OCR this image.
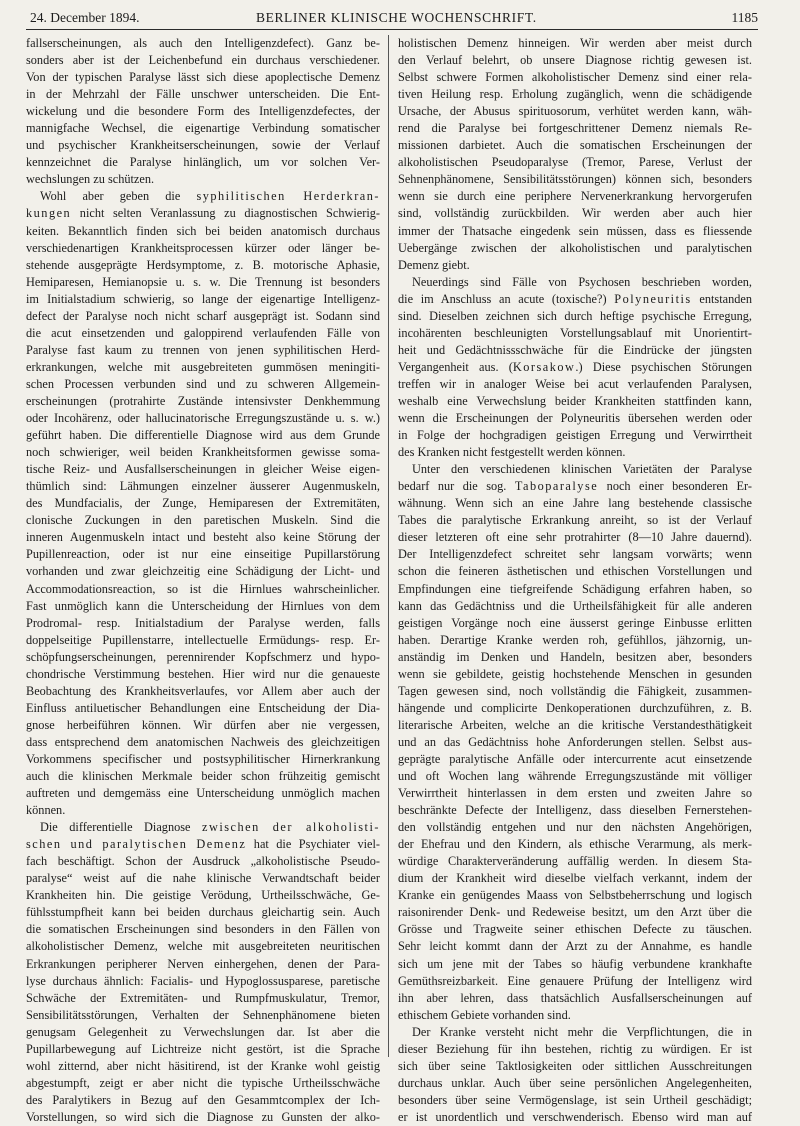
24. December 1894.	BERLINER KLINISCHE WOCHENSCHRIFT.	1185

fallserscheinungen, als auch den Intelligenzdefect). Ganz be-

sonders aber ist der Leichenbefund ein durchaus verschiedener.

Von der typischen Paralyse lässt sich diese apoplectische Demenz

in der Mehrzahl der Fälle unschwer unterscheiden. Die Ent-

wickelung und die besondere Form des Intelligenzdefectes, der

mannigfache Wechsel, die eigenartige Verbindung somatischer

und psychischer Krankheitserscheinungen, sowie der Verlauf

kennzeichnet die Paralyse hinlänglich, um vor solchen Ver-

wechslungen zu schützen.

Wohl aber geben die syphilitischen Herderkran-

kungen nicht selten Veranlassung zu diagnostischen Schwierig-

keiten. Bekanntlich finden sich bei beiden anatomisch durchaus

verschiedenartigen Krankheitsprocessen kürzer oder länger be-

stehende ausgeprägte Herdsymptome, z. B. motorische Aphasie,

Hemiparesen, Hemianopsie u. s. w. Die Trennung ist besonders

im Initialstadium schwierig, so lange der eigenartige Intelligenz-

defect der Paralyse noch nicht scharf ausgeprägt ist. Sodann sind

die acut einsetzenden und galoppirend verlaufenden Fälle von

Paralyse fast kaum zu trennen von jenen syphilitischen Herd-

erkrankungen, welche mit ausgebreiteten gummösen meningiti-

schen Processen verbunden sind und zu schweren Allgemein-

erscheinungen (protrahirte Zustände intensivster Denkhemmung

oder Incohärenz, oder hallucinatorische Erregungszustände u. s. w.)

geführt haben. Die differentielle Diagnose wird aus dem Grunde

noch schwieriger, weil beiden Krankheitsformen gewisse soma-

tische Reiz- und Ausfallserscheinungen in gleicher Weise eigen-

thümlich sind: Lähmungen einzelner äusserer Augenmuskeln,

des Mundfacialis, der Zunge, Hemiparesen der Extremitäten,

clonische Zuckungen in den paretischen Muskeln. Sind die

inneren Augenmuskeln intact und besteht also keine Störung der

Pupillenreaction, oder ist nur eine einseitige Pupillarstörung

vorhanden und zwar gleichzeitig eine Schädigung der Licht- und

Accommodationsreaction, so ist die Hirnlues wahrscheinlicher.

Fast unmöglich kann die Unterscheidung der Hirnlues von dem

Prodromal- resp. Initialstadium der Paralyse werden, falls

doppelseitige Pupillenstarre, intellectuelle Ermüdungs- resp. Er-

schöpfungserscheinungen, perennirender Kopfschmerz und hypo-

chondrische Verstimmung bestehen. Hier wird nur die genaueste

Beobachtung des Krankheitsverlaufes, vor Allem aber auch der

Einfluss antiluetischer Behandlungen eine Entscheidung der Dia-

gnose herbeiführen können. Wir dürfen aber nie vergessen,

dass entsprechend dem anatomischen Nachweis des gleichzeitigen

Vorkommens specifischer und postsyphilitischer Hirnerkrankung

auch die klinischen Merkmale beider schon frühzeitig gemischt

auftreten und demgemäss eine Unterscheidung unmöglich machen

können.

Die differentielle Diagnose zwischen der alkoholisti-

schen und paralytischen Demenz hat die Psychiater viel-

fach beschäftigt. Schon der Ausdruck „alkoholistische Pseudo-

paralyse“ weist auf die nahe klinische Verwandtschaft beider

Krankheiten hin. Die geistige Verödung, Urtheilsschwäche, Ge-

fühlsstumpfheit kann bei beiden durchaus gleichartig sein. Auch

die somatischen Erscheinungen sind besonders in den Fällen von

alkoholistischer Demenz, welche mit ausgebreiteten neuritischen

Erkrankungen peripherer Nerven einhergehen, denen der Para-

lyse durchaus ähnlich: Facialis- und Hypoglossusparese, paretische

Schwäche der Extremitäten- und Rumpfmuskulatur, Tremor,

Sensibilitätsstörungen, Verhalten der Sehnenphänomene bieten

genugsam Gelegenheit zu Verwechslungen dar. Ist aber die

Pupillarbewegung auf Lichtreize nicht gestört, ist die Sprache

wohl zitternd, aber nicht häsitirend, ist der Kranke wohl geistig

abgestumpft, zeigt er aber nicht die typische Urtheilsschwäche

des Paralytikers in Bezug auf den Gesammtcomplex der Ich-

Vorstellungen, so wird sich die Diagnose zu Gunsten der alko-

holistischen Demenz hinneigen. Wir werden aber meist durch

den Verlauf belehrt, ob unsere Diagnose richtig gewesen ist.

Selbst schwere Formen alkoholistischer Demenz sind einer rela-

tiven Heilung resp. Erholung zugänglich, wenn die schädigende

Ursache, der Abusus spirituosorum, verhütet werden kann, wäh-

rend die Paralyse bei fortgeschrittener Demenz niemals Re-

missionen darbietet. Auch die somatischen Erscheinungen der

alkoholistischen Pseudoparalyse (Tremor, Parese, Verlust der

Sehnenphänomene, Sensibilitätsstörungen) können sich, besonders

wenn sie durch eine periphere Nervenerkrankung hervorgerufen

sind, vollständig zurückbilden. Wir werden aber auch hier

immer der Thatsache eingedenk sein müssen, dass es fliessende

Uebergänge zwischen der alkoholistischen und paralytischen

Demenz giebt.

Neuerdings sind Fälle von Psychosen beschrieben worden,

die im Anschluss an acute (toxische?) Polyneuritis entstanden

sind. Dieselben zeichnen sich durch heftige psychische Erregung,

incohärenten beschleunigten Vorstellungsablauf mit Unorientirt-

heit und Gedächtnissschwäche für die Eindrücke der jüngsten

Vergangenheit aus. (Korsakow.) Diese psychischen Störungen

treffen wir in analoger Weise bei acut verlaufenden Paralysen,

weshalb eine Verwechslung beider Krankheiten stattfinden kann,

wenn die Erscheinungen der Polyneuritis übersehen werden oder

in Folge der hochgradigen geistigen Erregung und Verwirrtheit

des Kranken nicht festgestellt werden können.

Unter den verschiedenen klinischen Varietäten der Paralyse

bedarf nur die sog. Taboparalyse noch einer besonderen Er-

wähnung. Wenn sich an eine Jahre lang bestehende classische

Tabes die paralytische Erkrankung anreiht, so ist der Verlauf

dieser letzteren oft eine sehr protrahirter (8—10 Jahre dauernd).

Der Intelligenzdefect schreitet sehr langsam vorwärts; wenn

schon die feineren ästhetischen und ethischen Vorstellungen und

Empfindungen eine tiefgreifende Schädigung erfahren haben, so

kann das Gedächtniss und die Urtheilsfähigkeit für alle anderen

geistigen Vorgänge noch eine äusserst geringe Einbusse erlitten

haben. Derartige Kranke werden roh, gefühllos, jähzornig, un-

anständig im Denken und Handeln, besitzen aber, besonders

wenn sie gebildete, geistig hochstehende Menschen in gesunden

Tagen gewesen sind, noch vollständig die Fähigkeit, zusammen-

hängende und complicirte Denkoperationen durchzuführen, z. B.

literarische Arbeiten, welche an die kritische Verstandesthätigkeit

und an das Gedächtniss hohe Anforderungen stellen. Selbst aus-

geprägte paralytische Anfälle oder intercurrente acut einsetzende

und oft Wochen lang währende Erregungszustände mit völliger

Verwirrtheit hinterlassen in dem ersten und zweiten Jahre so

beschränkte Defecte der Intelligenz, dass dieselben Fernerstehen-

den vollständig entgehen und nur den nächsten Angehörigen,

der Ehefrau und den Kindern, als ethische Verarmung, als merk-

würdige Charakterveränderung auffällig werden. In diesem Sta-

dium der Krankheit wird dieselbe vielfach verkannt, indem der

Kranke ein genügendes Maass von Selbstbeherrschung und logisch

raisonirender Denk- und Redeweise besitzt, um den Arzt über die

Grösse und Tragweite seiner ethischen Defecte zu täuschen.

Sehr leicht kommt dann der Arzt zu der Annahme, es handle

sich um jene mit der Tabes so häufig verbundene krankhafte

Gemüthsreizbarkeit. Eine genauere Prüfung der Intelligenz wird

ihn aber lehren, dass thatsächlich Ausfallserscheinungen auf

ethischem Gebiete vorhanden sind.

Der Kranke versteht nicht mehr die Verpflichtungen, die in

dieser Beziehung für ihn bestehen, richtig zu würdigen. Er ist

sich über seine Taktlosigkeiten oder sittlichen Ausschreitungen

durchaus unklar. Auch über seine persönlichen Angelegenheiten,

besonders über seine Vermögenslage, ist sein Urtheil geschädigt;

er ist unordentlich und verschwenderisch. Ebenso wird man auf
